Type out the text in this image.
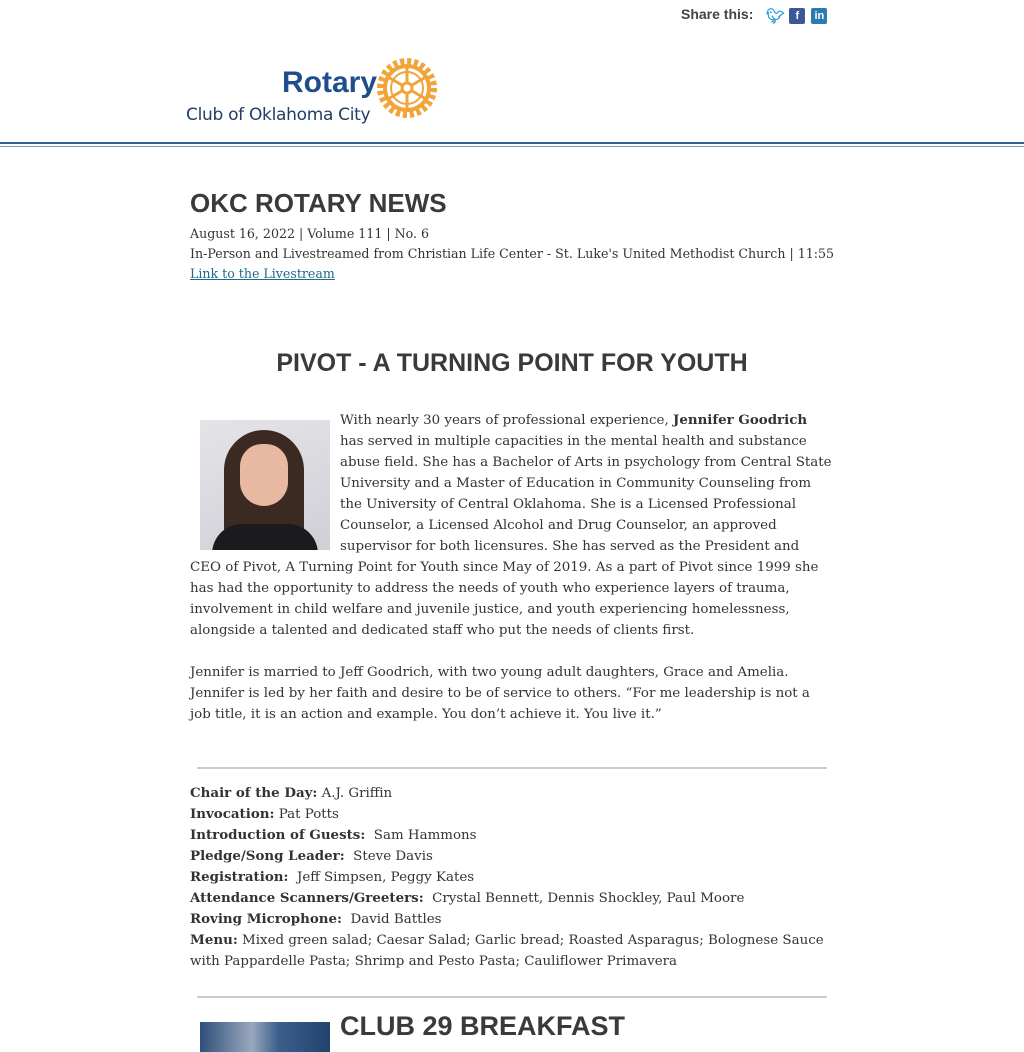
Share this: 🐦︎ f	in
Rotary
Club of Oklahoma City
OKC ROTARY NEWS
August 16, 2022 | Volume 111 | No. 6
In-Person and Livestreamed from Christian Life Center - St. Luke's United Methodist Church | 11:55
Link to the Livestream
PIVOT - A TURNING POINT FOR YOUTH

With nearly 30 years of professional experience, Jennifer Goodrich has served in multiple capacities in the mental health and substance abuse field. She has a Bachelor of Arts in psychology from Central State University and a Master of Education in Community Counseling from the University of Central Oklahoma. She is a Licensed Professional Counselor, a Licensed Alcohol and Drug Counselor, an approved supervisor for both licensures. She has served as the President and CEO of Pivot, A Turning Point for Youth since May of 2019. As a part of Pivot since 1999 she has had the opportunity to address the needs of youth who experience layers of trauma, involvement in child welfare and juvenile justice, and youth experiencing homelessness, alongside a talented and dedicated staff who put the needs of clients first.

Jennifer is married to Jeff Goodrich, with two young adult daughters, Grace and Amelia. Jennifer is led by her faith and desire to be of service to others. “For me leadership is not a job title, it is an action and example. You don’t achieve it. You live it.”

Chair of the Day: A.J. Griffin

Invocation: Pat Potts

Introduction of Guests:  Sam Hammons

Pledge/Song Leader:  Steve Davis

Registration:  Jeff Simpsen, Peggy Kates

Attendance Scanners/Greeters:  Crystal Bennett, Dennis Shockley, Paul Moore

Roving Microphone:  David Battles

Menu: Mixed green salad; Caesar Salad; Garlic bread; Roasted Asparagus; Bolognese Sauce with Pappardelle Pasta; Shrimp and Pesto Pasta; Cauliflower Primavera

CLUB 29 BREAKFAST
